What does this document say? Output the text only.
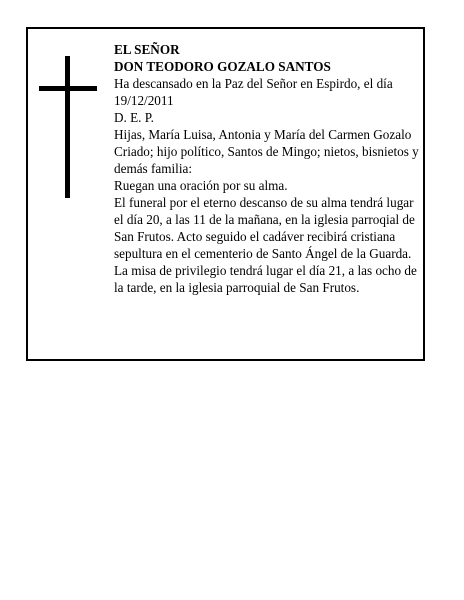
EL SEÑOR

DON TEODORO GOZALO SANTOS

Ha descansado en la Paz del Señor en Espirdo, el día 19/12/2011

D. E. P.

Hijas, María Luisa, Antonia y María del Carmen Gozalo Criado; hijo político, Santos de Mingo; nietos, bisnietos y demás familia:

Ruegan una oración por su alma.

El funeral por el eterno descanso de su alma tendrá lugar el día 20, a las 11 de la mañana, en la iglesia parroqial de San Frutos. Acto seguido el cadáver recibirá cristiana sepultura en el cementerio de Santo Ángel de la Guarda. La misa de privilegio tendrá lugar el día 21, a las ocho de la tarde, en la iglesia parroquial de San Frutos.
